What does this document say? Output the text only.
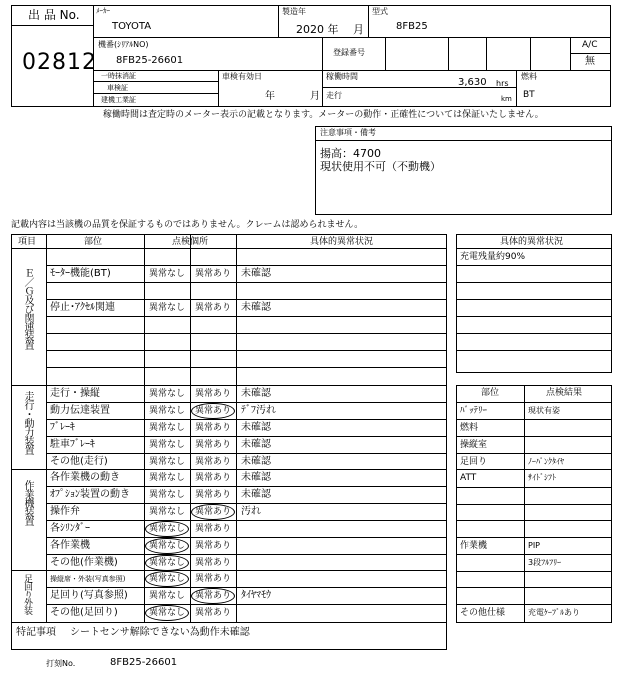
出 品 No.
02812
ﾒｰｶｰ
TOYOTA
製造年
2020 年 月
型式
8FB25
機番(ｼﾘｱﾙNO)
8FB25-26601
登録番号
A/C
無
一時抹消証
車検証
建機工業証
車検有効日
年	月
稼働時間
3,630 hrs
走行	km
燃料
BT
稼働時間は査定時のメーター表示の記載となります。メーターの動作・正確性については保証いたしません。
注意事項・備考
揚高：4700
現状使用不可（不動機）
記載内容は当該機の品質を保証するものではありません。クレームは認められません。
項目	部位	点検個所	具体的異常状況
Ｅ／Ｇ及び関連装置
走行・動力装置
作業機装置
足回り外装
ﾓｰﾀｰ機能(BT)	異常なし 異常あり 未確認
停止･ｱｸｾﾙ関連	異常なし 異常あり 未確認
走行・操縦	異常なし 異常あり 未確認
動力伝達装置	異常なし 異常あり ﾃﾞﾌ汚れ
ﾌﾞﾚｰｷ	異常なし 異常あり 未確認
駐車ﾌﾞﾚｰｷ	異常なし 異常あり 未確認
その他(走行)	異常なし 異常あり 未確認
各作業機の動き	異常なし 異常あり 未確認
ｵﾌﾟｼｮﾝ装置の動き 異常なし 異常あり 未確認
操作弁	異常なし 異常あり 汚れ
各ｼﾘﾝﾀﾞｰ	異常なし 異常あり
各作業機	異常なし 異常あり
その他(作業機)	異常なし 異常あり
操縦席・外装(写真参照)	異常なし 異常あり
足回り(写真参照) 異常なし 異常あり ﾀｲﾔﾏﾓｳ
その他(足回り)	異常なし 異常あり
具体的異常状況
充電残量約90%
ﾊﾞｯﾃﾘｰ	現状有姿
燃料
操縦室
足回り	ﾉｰﾊﾟﾝｸﾀｲﾔ
ATT	ｻｲﾄﾞｼﾌﾄ
作業機	PIP
3段ﾌﾙﾌﾘｰ
その他仕様	充電ｹｰﾌﾞﾙあり
部位	点検結果
特記事項 シートセンサ解除できない為動作未確認
打刻No.	8FB25-26601
